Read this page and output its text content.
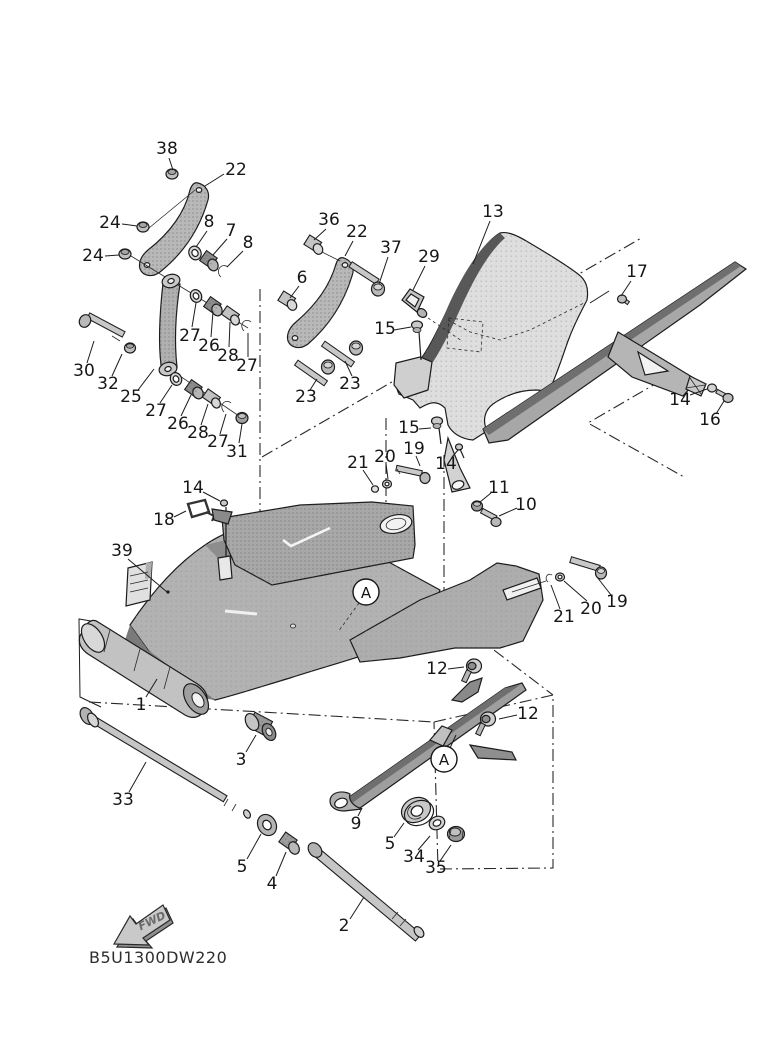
FWD
B5U1300DW220
38
22
24
24
8 7
8
36
22
37
6
29
13
17
15
14
16
30
32
25
27
26
28
27
27
26
28
27
31
23
23
15
14
19
20
21
11
10
14
18
39
21 20 19
1
3
33
9
5
34
35
5
4
2
12
12
A
A
